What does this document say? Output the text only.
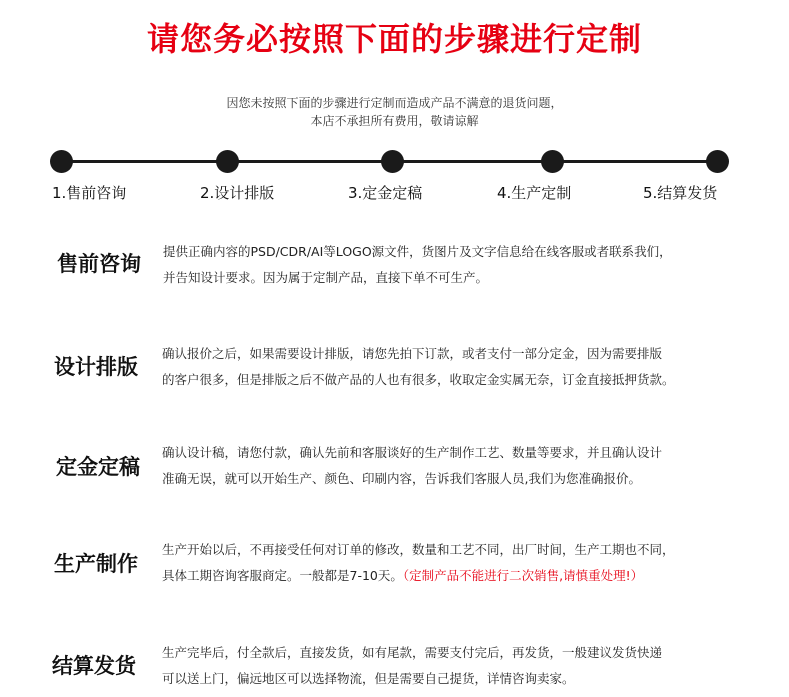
请您务必按照下面的步骤进行定制
因您未按照下面的步骤进行定制而造成产品不满意的退货问题，
本店不承担所有费用，敬请谅解
1.售前咨询	2.设计排版	3.定金定稿	4.生产定制	5.结算发货
售前咨询
提供正确内容的PSD/CDR/AI等LOGO源文件，货图片及文字信息给在线客服或者联系我们，
并告知设计要求。因为属于定制产品，直接下单不可生产。
设计排版
确认报价之后，如果需要设计排版，请您先拍下订款，或者支付一部分定金，因为需要排版
的客户很多，但是排版之后不做产品的人也有很多，收取定金实属无奈，订金直接抵押货款。
定金定稿
确认设计稿，请您付款，确认先前和客服谈好的生产制作工艺、数量等要求，并且确认设计
准确无误，就可以开始生产、颜色、印刷内容，告诉我们客服人员,我们为您准确报价。
生产制作
生产开始以后，不再接受任何对订单的修改，数量和工艺不同，出厂时间，生产工期也不同，
具体工期咨询客服商定。一般都是7-10天。（定制产品不能进行二次销售,请慎重处理!）
结算发货
生产完毕后，付全款后，直接发货，如有尾款，需要支付完后，再发货，一般建议发货快递
可以送上门，偏远地区可以选择物流，但是需要自己提货，详情咨询卖家。
